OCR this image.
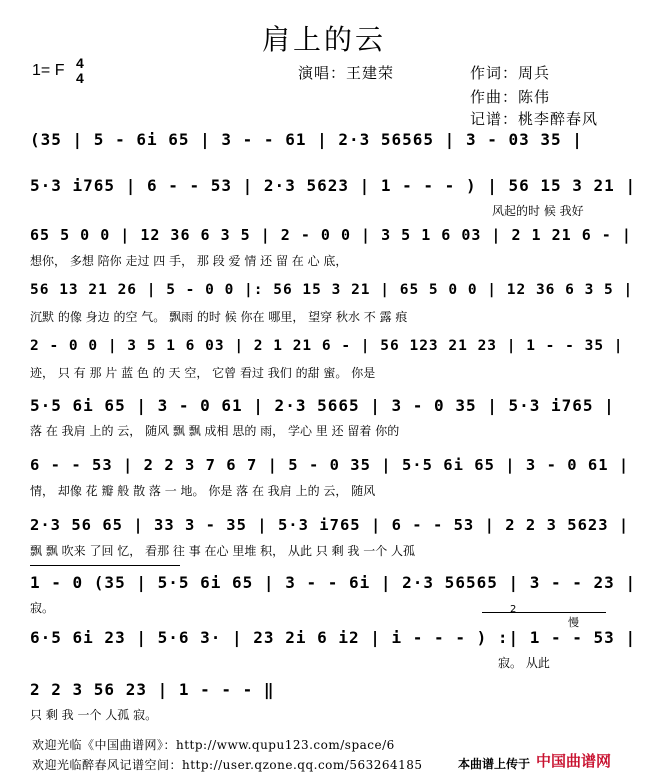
肩上的云
1= F 4
4	演唱：王建荣	作词：周兵
作曲：陈伟
记谱：桃李醉春风
(35 | 5 - 6i 65 | 3 - - 61 | 2·3 56565 | 3 - 03 35 |
5·3 i765 | 6 - - 53 | 2·3 5623 | 1 - - - ) | 56 15 3 21 |
风起的时 候 我好
65 5 0 0 | 12 36 6 3 5 | 2 - 0 0 | 3 5 1 6 03 | 2 1 21 6 - |
想你， 多想 陪你 走过 四 手， 那 段 爱 情 还 留 在 心 底，
56 13 21 26 | 5 - 0 0 |: 56 15 3 21 | 65 5 0 0 | 12 36 6 3 5 |
沉默 的像 身边 的空 气。 飘雨 的时 候 你在 哪里， 望穿 秋水 不 露 痕
2 - 0 0 | 3 5 1 6 03 | 2 1 21 6 - | 56 123 21 23 | 1 - - 35 |
迹， 只 有 那 片 蓝 色 的 天 空， 它曾 看过 我们 的甜 蜜。 你是
5·5 6i 65 | 3 - 0 61 | 2·3 5665 | 3 - 0 35 | 5·3 i765 |
落 在 我肩 上的 云， 随风 飘 飘 成相 思的 雨， 学心 里 还 留着 你的
6 - - 53 | 2 2 3 7 6 7 | 5 - 0 35 | 5·5 6i 65 | 3 - 0 61 |
情， 却像 花 瓣 般 散 落 一 地。 你是 落 在 我肩 上的 云， 随风
2·3 56 65 | 33 3 - 35 | 5·3 i765 | 6 - - 53 | 2 2 3 5623 |
飘 飘 吹来 了回 忆， 看那 往 事 在心 里堆 积， 从此 只 剩 我 一个 人孤
1 - 0 (35 | 5·5 6i 65 | 3 - - 6i | 2·3 56565 | 3 - - 23 |
寂。
6·5 6i 23 | 5·6 3· | 23 2i 6 i2 | i - - - ) :| 1 - - 53 |
寂。 从此
2 2 3 56 23 | 1 - - - ‖
只 剩 我 一个 人孤 寂。
2
慢
欢迎光临《中国曲谱网》：http://www.qupu123.com/space/6
欢迎光临醉春风记谱空间：http://user.qzone.qq.com/563264185	本曲谱上传于 中国曲谱网
